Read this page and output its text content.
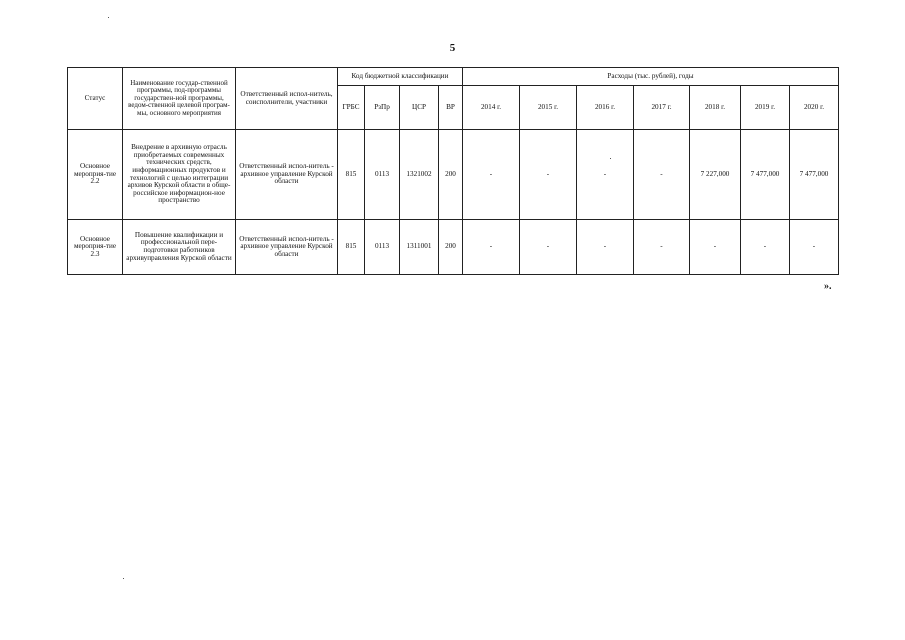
5
Статус	Наименование государ-ственной программы, под-программы государствен-ной программы, ведом-ственной целевой програм-мы, основного мероприятия	Ответственный испол-нитель, соисполнители, участники	Код бюджетной классификации				Расходы (тыс. рублей), годы						
			ГРБС	РзПр	ЦСР	ВР	2014 г.	2015 г.	2016 г.	2017 г.	2018 г.	2019 г.	2020 г.
Основное мероприя-тие 2.2	Внедрение в архивную отрасль приобретаемых современных технических средств, информационных продуктов и технологий с целью интеграции архивов Курской области в обще-российское информацион-ное пространство	Ответственный испол-нитель - архивное управление Курской области	815	0113	1321002	200	-	-	-	-	7 227,000	7 477,000	7 477,000
Основное мероприя-тие 2.3	Повышение квалификации и профессиональной пере-подготовки работников архивуправления Курской области	Ответственный испол-нитель - архивное управление Курской области	815	0113	1311001	200	-	-	-	-	-	-	-
».
